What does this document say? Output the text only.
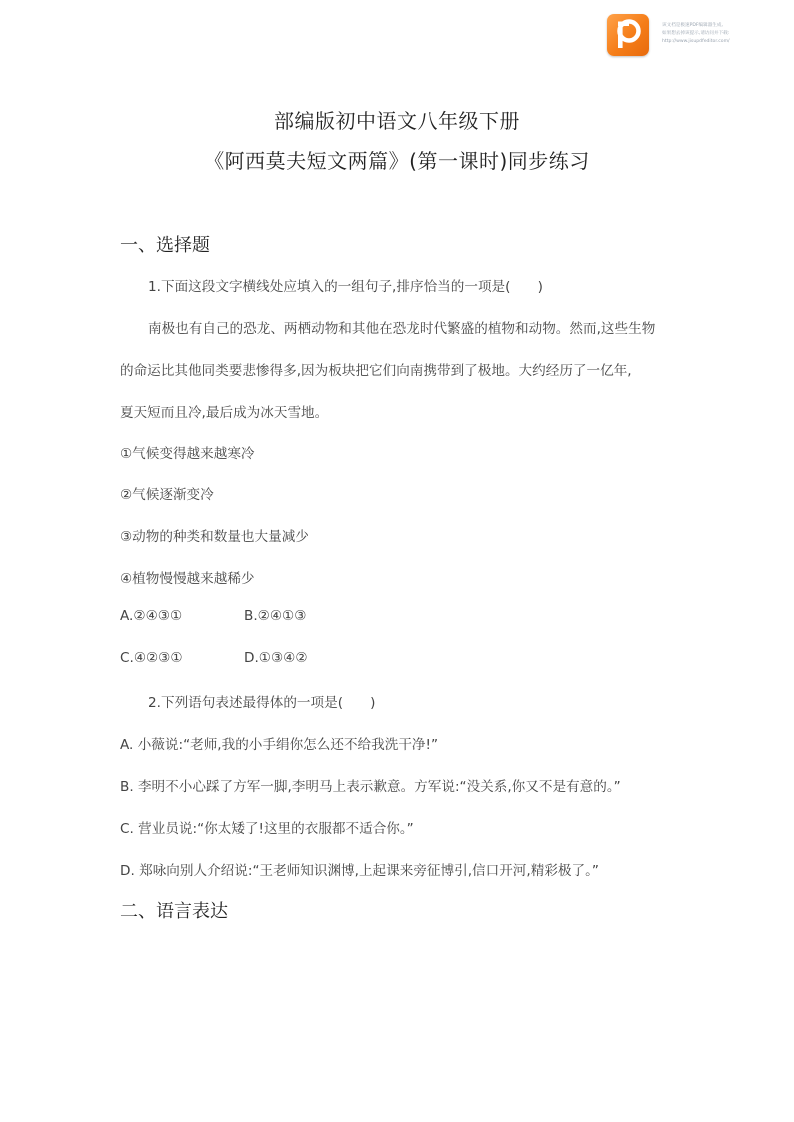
该文档是极速PDF编辑器生成,
如果想去掉该提示,请访问并下载:
http://www.jisupdfeditor.com/
部编版初中语文八年级下册
《阿西莫夫短文两篇》(第一课时)同步练习
一、选择题
1.下面这段文字横线处应填入的一组句子,排序恰当的一项是(　　)
南极也有自己的恐龙、两栖动物和其他在恐龙时代繁盛的植物和动物。然而,这些生物
的命运比其他同类要悲惨得多,因为板块把它们向南携带到了极地。大约经历了一亿年,
夏天短而且冷,最后成为冰天雪地。
①气候变得越来越寒冷
②气候逐渐变冷
③动物的种类和数量也大量减少
④植物慢慢越来越稀少
A.②④③①	B.②④①③
C.④②③①	D.①③④②
2.下列语句表述最得体的一项是(　　)
A. 小薇说:“老师,我的小手绢你怎么还不给我洗干净!”
B. 李明不小心踩了方军一脚,李明马上表示歉意。方军说:“没关系,你又不是有意的。”
C. 营业员说:“你太矮了!这里的衣服都不适合你。”
D. 郑咏向别人介绍说:“王老师知识渊博,上起课来旁征博引,信口开河,精彩极了。”
二、语言表达
